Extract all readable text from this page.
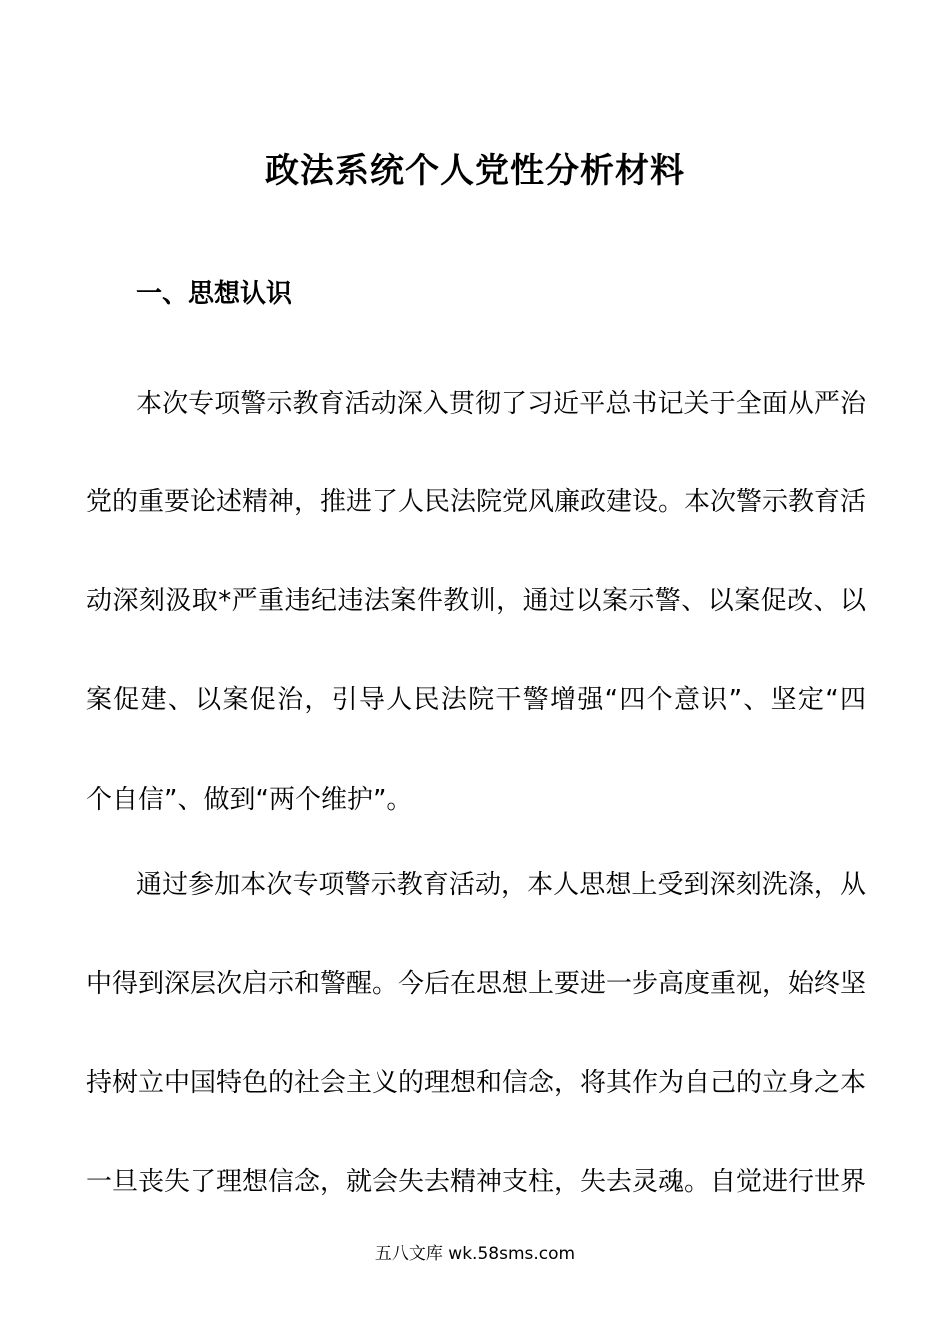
政法系统个人党性分析材料
一、思想认识

本次专项警示教育活动深入贯彻了习近平总书记关于全面从严治

党的重要论述精神，推进了人民法院党风廉政建设。本次警示教育活

动深刻汲取*严重违纪违法案件教训，通过以案示警、以案促改、以

案促建、以案促治，引导人民法院干警增强“四个意识”、坚定“四

个自信”、做到“两个维护”。

通过参加本次专项警示教育活动，本人思想上受到深刻洗涤，从

中得到深层次启示和警醒。今后在思想上要进一步高度重视，始终坚

持树立中国特色的社会主义的理想和信念，将其作为自己的立身之本

一旦丧失了理想信念，就会失去精神支柱，失去灵魂。自觉进行世界

五八文库 wk.58sms.com
